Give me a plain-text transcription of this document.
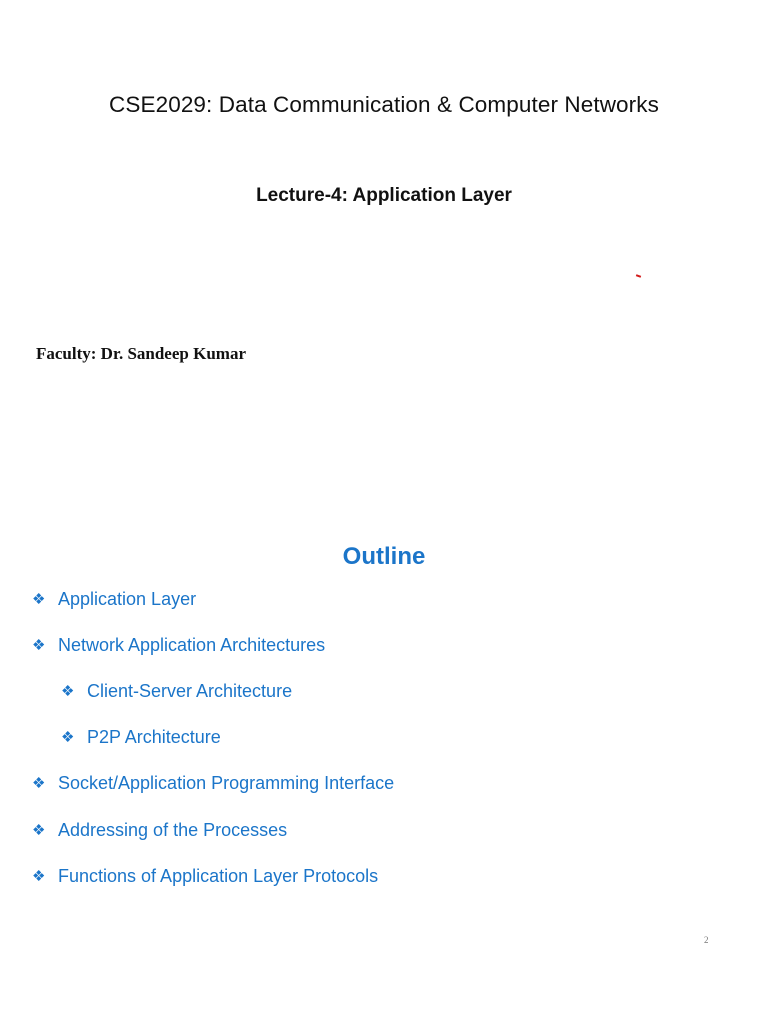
CSE2029: Data Communication & Computer Networks
Lecture-4: Application Layer

Faculty: Dr. Sandeep Kumar

Outline
❖ Application Layer
❖ Network Application Architectures
❖ Client-Server Architecture
❖ P2P Architecture
❖ Socket/Application Programming Interface
❖ Addressing of the Processes
❖ Functions of Application Layer Protocols
2
